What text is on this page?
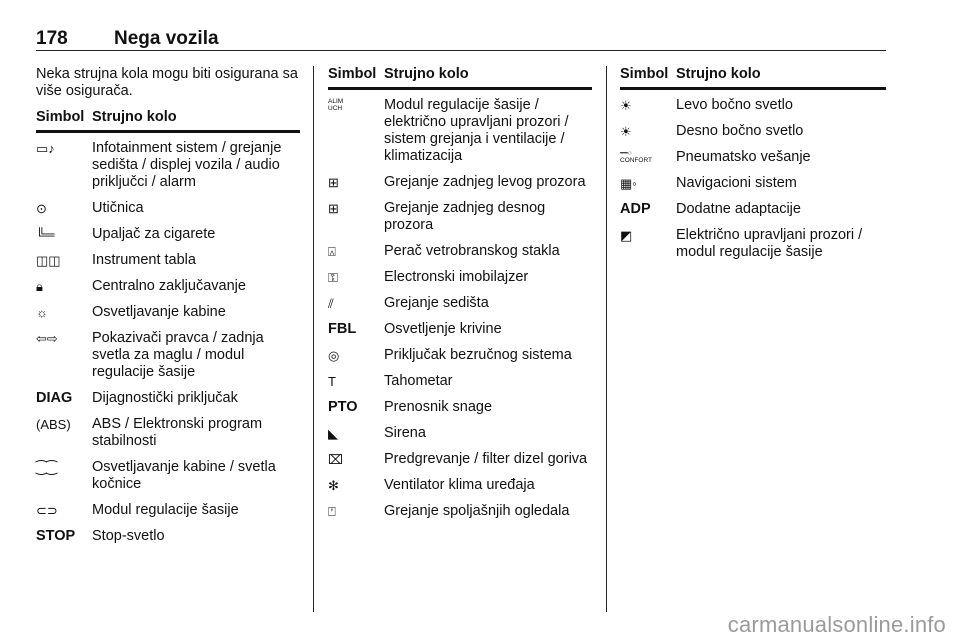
178 Nega vozila
Neka strujna kola mogu biti osigurana sa više osigurača.
Simbol Strujno kolo
▭♪	Infotainment sistem / grejanje sedišta / displej vozila / audio priključci / alarm
⊙	Utičnica
╚═	Upaljač za cigarete
◫◫	Instrument tabla
🔒︎	Centralno zaključavanje
☼	Osvetljavanje kabine
⇦⇨	Pokazivači pravca / zadnja svetla za maglu / modul regulacije šasije
DIAG	Dijagnostički priključak
(ABS)	ABS / Elektronski program stabilnosti
⁐⁐	Osvetljavanje kabine / svetla kočnice
⊂⊃	Modul regulacije šasije
STOP	Stop-svetlo
Simbol Strujno kolo
ALIM
UCH	Modul regulacije šasije / električno upravljani prozori / sistem grejanja i ventilacije / klimatizacija
⊞	Grejanje zadnjeg levog prozora
⊞	Grejanje zadnjeg desnog prozora
⍓	Perač vetrobranskog stakla
⚿	Electronski imobilajzer
⫽	Grejanje sedišta
FBL	Osvetljenje krivine
◎	Priključak bezručnog sistema
T	Tahometar
PTO	Prenosnik snage
◣	Sirena
⌧	Predgrevanje / filter dizel goriva
✻	Ventilator klima uređaja
⍞	Grejanje spoljašnjih ogledala
Simbol Strujno kolo
☀	Levo bočno svetlo
☀	Desno bočno svetlo
━━○
CONFORT	Pneumatsko vešanje
▦◦	Navigacioni sistem
ADP	Dodatne adaptacije
◩	Električno upravljani prozori / modul regulacije šasije
carmanualsonline.info
